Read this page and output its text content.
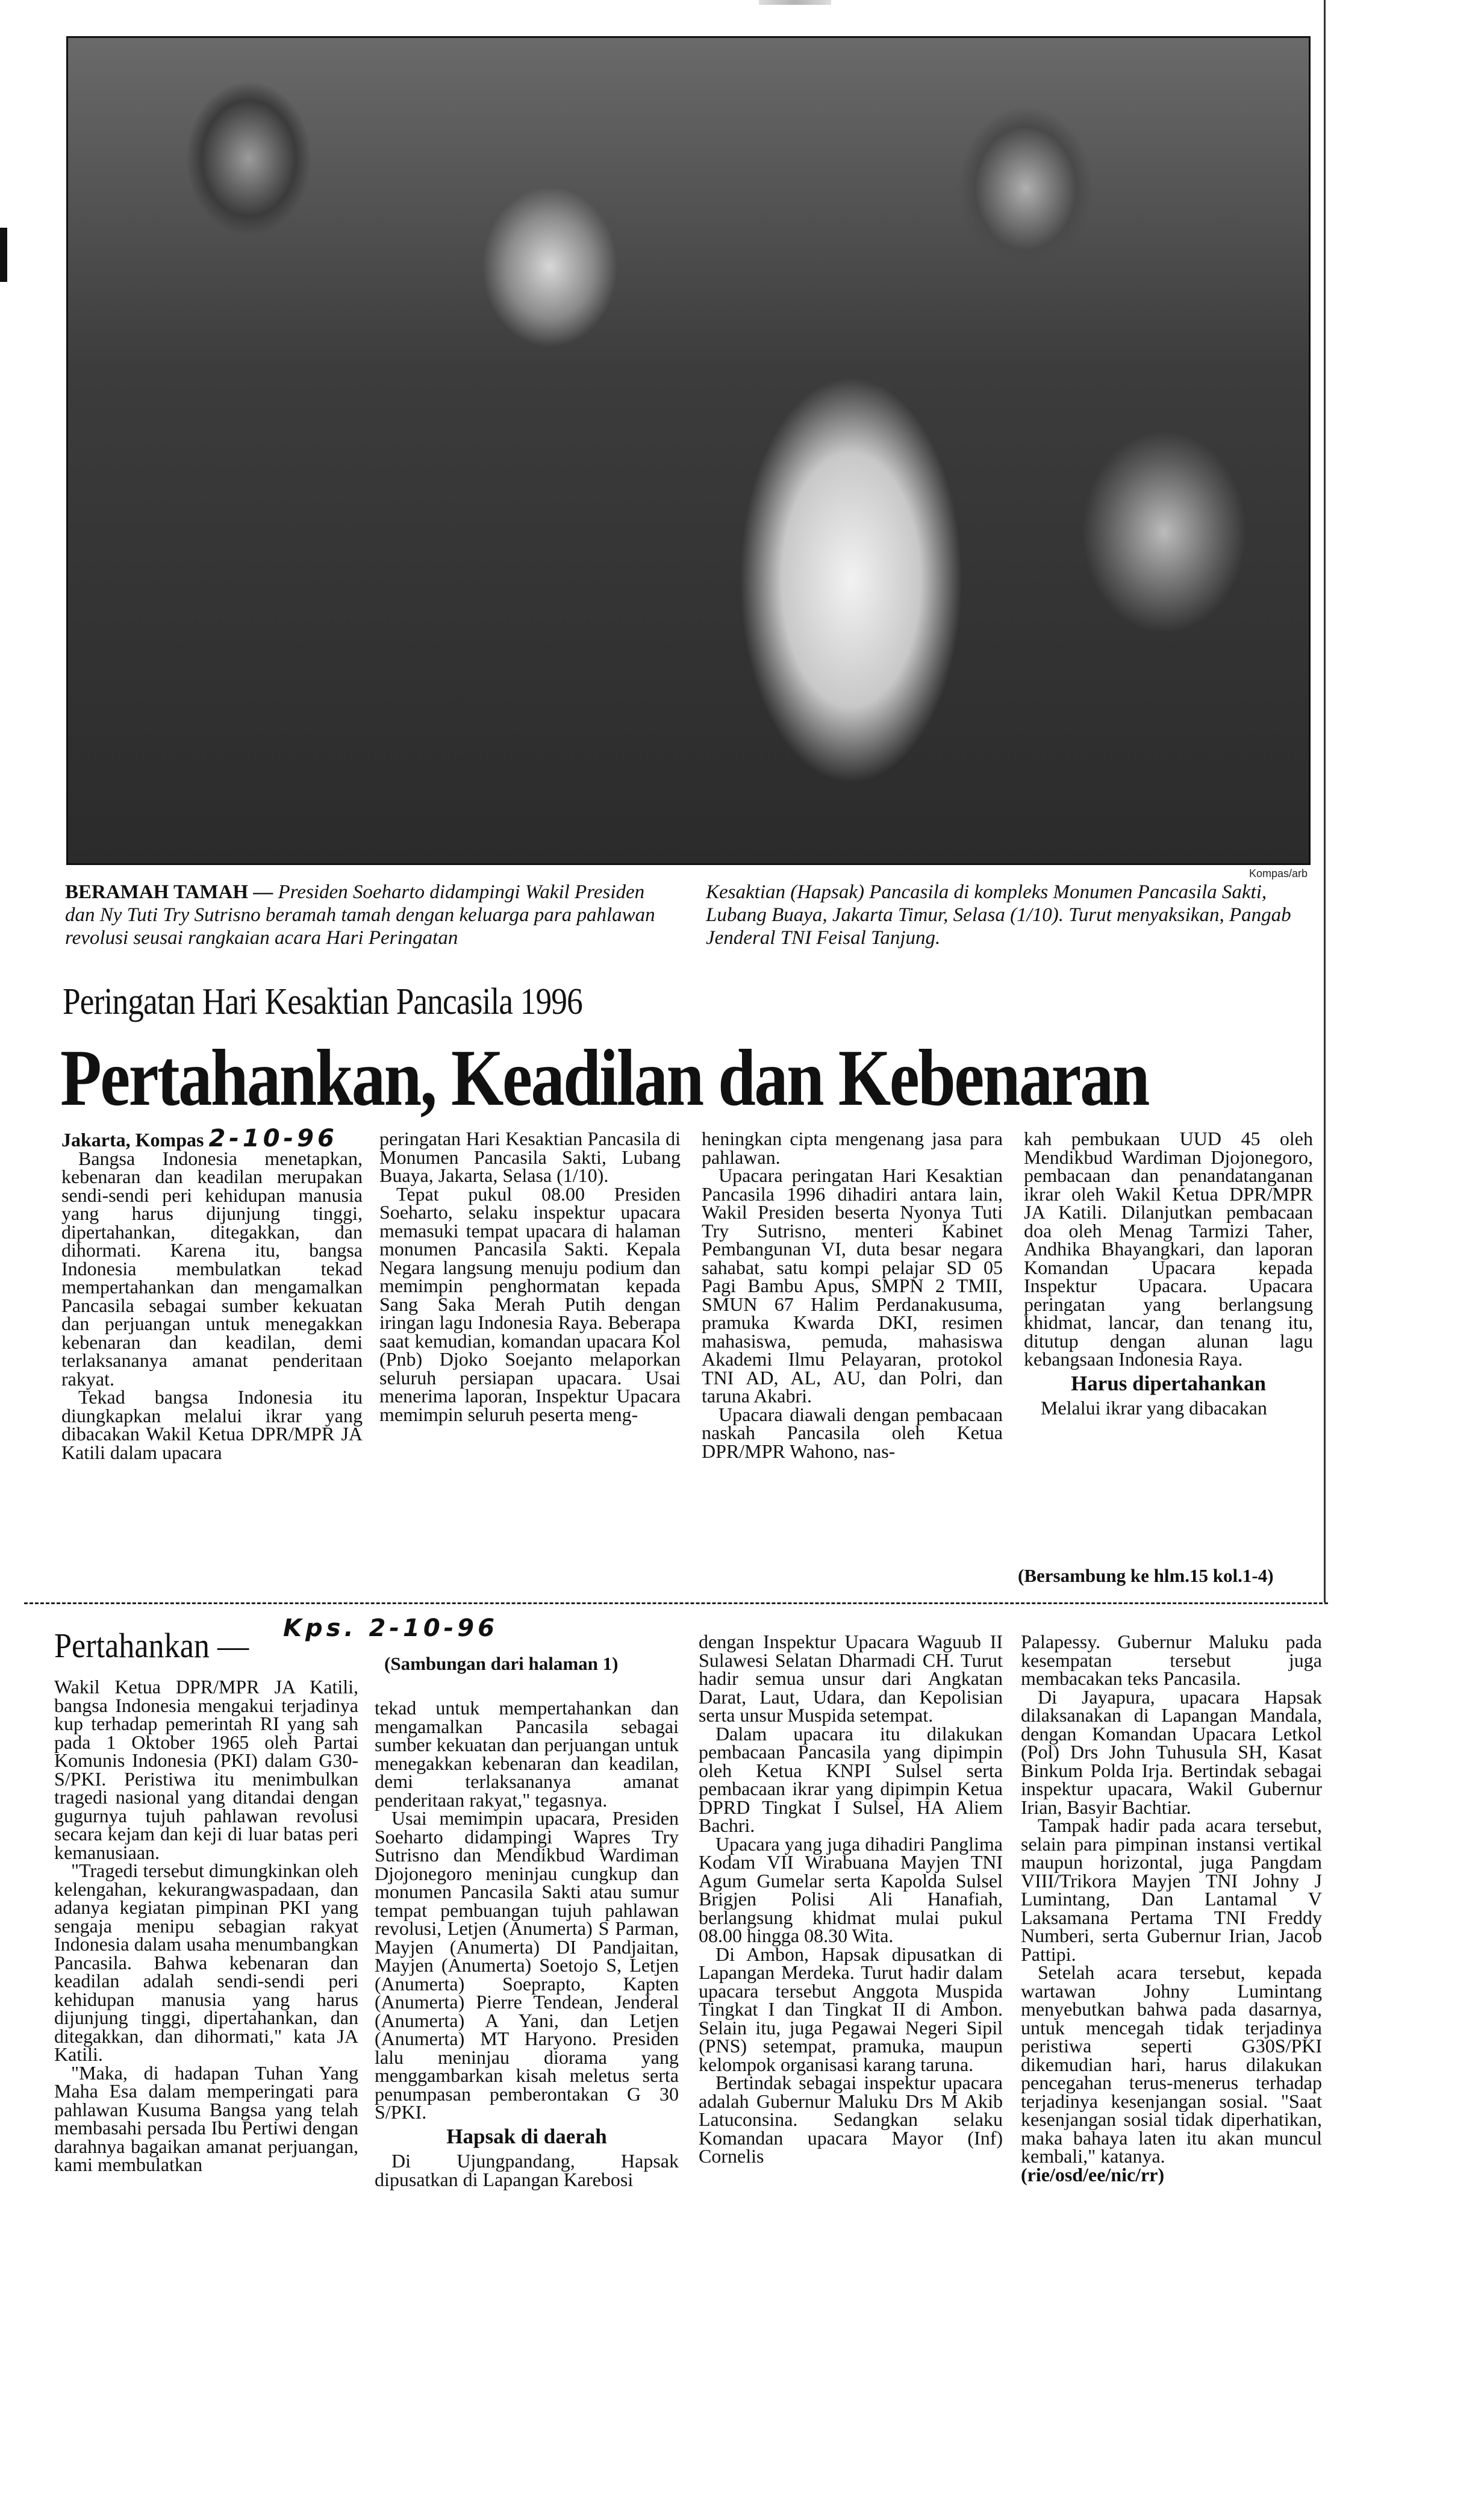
Kompas/arb
BERAMAH TAMAH — Presiden Soeharto didampingi Wakil Presiden dan Ny Tuti Try Sutrisno beramah tamah dengan keluarga para pahlawan revolusi seusai rangkaian acara Hari Peringatan
Kesaktian (Hapsak) Pancasila di kompleks Monumen Pancasila Sakti, Lubang Buaya, Jakarta Timur, Selasa (1/10). Turut menyaksikan, Pangab Jenderal TNI Feisal Tanjung.
Peringatan Hari Kesaktian Pancasila 1996
Pertahankan, Keadilan dan Kebenaran

Jakarta, Kompas 2-10-96

Bangsa Indonesia menetapkan, kebenaran dan keadilan merupakan sendi-sendi peri kehidupan manusia yang harus dijunjung tinggi, dipertahankan, ditegakkan, dan dihormati. Karena itu, bangsa Indonesia membulatkan tekad mempertahankan dan mengamalkan Pancasila sebagai sumber kekuatan dan perjuangan untuk menegakkan kebenaran dan keadilan, demi terlaksananya amanat penderitaan rakyat.

Tekad bangsa Indonesia itu diungkapkan melalui ikrar yang dibacakan Wakil Ketua DPR/MPR JA Katili dalam upacara

peringatan Hari Kesaktian Pancasila di Monumen Pancasila Sakti, Lubang Buaya, Jakarta, Selasa (1/10).

Tepat pukul 08.00 Presiden Soeharto, selaku inspektur upacara memasuki tempat upacara di halaman monumen Pancasila Sakti. Kepala Negara langsung menuju podium dan memimpin penghormatan kepada Sang Saka Merah Putih dengan iringan lagu Indonesia Raya. Beberapa saat kemudian, komandan upacara Kol (Pnb) Djoko Soejanto melaporkan seluruh persiapan upacara. Usai menerima laporan, Inspektur Upacara memimpin seluruh peserta meng-

heningkan cipta mengenang jasa para pahlawan.

Upacara peringatan Hari Kesaktian Pancasila 1996 dihadiri antara lain, Wakil Presiden beserta Nyonya Tuti Try Sutrisno, menteri Kabinet Pembangunan VI, duta besar negara sahabat, satu kompi pelajar SD 05 Pagi Bambu Apus, SMPN 2 TMII, SMUN 67 Halim Perdanakusuma, pramuka Kwarda DKI, resimen mahasiswa, pemuda, mahasiswa Akademi Ilmu Pelayaran, protokol TNI AD, AL, AU, dan Polri, dan taruna Akabri.

Upacara diawali dengan pembacaan naskah Pancasila oleh Ketua DPR/MPR Wahono, nas-

kah pembukaan UUD 45 oleh Mendikbud Wardiman Djojonegoro, pembacaan dan penandatanganan ikrar oleh Wakil Ketua DPR/MPR JA Katili. Dilanjutkan pembacaan doa oleh Menag Tarmizi Taher, Andhika Bhayangkari, dan laporan Komandan Upacara kepada Inspektur Upacara. Upacara peringatan yang berlangsung khidmat, lancar, dan tenang itu, ditutup dengan alunan lagu kebangsaan Indonesia Raya.

Harus dipertahankan

Melalui ikrar yang dibacakan

(Bersambung ke hlm.15 kol.1-4)
Pertahankan — Kps. 2-10-96
(Sambungan dari halaman 1)

Wakil Ketua DPR/MPR JA Katili, bangsa Indonesia mengakui terjadinya kup terhadap pemerintah RI yang sah pada 1 Oktober 1965 oleh Partai Komunis Indonesia (PKI) dalam G30-S/PKI. Peristiwa itu menimbulkan tragedi nasional yang ditandai dengan gugurnya tujuh pahlawan revolusi secara kejam dan keji di luar batas peri kemanusiaan.

"Tragedi tersebut dimungkinkan oleh kelengahan, kekurangwaspadaan, dan adanya kegiatan pimpinan PKI yang sengaja menipu sebagian rakyat Indonesia dalam usaha menumbangkan Pancasila. Bahwa kebenaran dan keadilan adalah sendi-sendi peri kehidupan manusia yang harus dijunjung tinggi, dipertahankan, dan ditegakkan, dan dihormati," kata JA Katili.

"Maka, di hadapan Tuhan Yang Maha Esa dalam memperingati para pahlawan Kusuma Bangsa yang telah membasahi persada Ibu Pertiwi dengan darahnya bagaikan amanat perjuangan, kami membulatkan

tekad untuk mempertahankan dan mengamalkan Pancasila sebagai sumber kekuatan dan perjuangan untuk menegakkan kebenaran dan keadilan, demi terlaksananya amanat penderitaan rakyat," tegasnya.

Usai memimpin upacara, Presiden Soeharto didampingi Wapres Try Sutrisno dan Mendikbud Wardiman Djojonegoro meninjau cungkup dan monumen Pancasila Sakti atau sumur tempat pembuangan tujuh pahlawan revolusi, Letjen (Anumerta) S Parman, Mayjen (Anumerta) DI Pandjaitan, Mayjen (Anumerta) Soetojo S, Letjen (Anumerta) Soeprapto, Kapten (Anumerta) Pierre Tendean, Jenderal (Anumerta) A Yani, dan Letjen (Anumerta) MT Haryono. Presiden lalu meninjau diorama yang menggambarkan kisah meletus serta penumpasan pemberontakan G 30 S/PKI.

Hapsak di daerah

Di Ujungpandang, Hapsak dipusatkan di Lapangan Karebosi

dengan Inspektur Upacara Waguub II Sulawesi Selatan Dharmadi CH. Turut hadir semua unsur dari Angkatan Darat, Laut, Udara, dan Kepolisian serta unsur Muspida setempat.

Dalam upacara itu dilakukan pembacaan Pancasila yang dipimpin oleh Ketua KNPI Sulsel serta pembacaan ikrar yang dipimpin Ketua DPRD Tingkat I Sulsel, HA Aliem Bachri.

Upacara yang juga dihadiri Panglima Kodam VII Wirabuana Mayjen TNI Agum Gumelar serta Kapolda Sulsel Brigjen Polisi Ali Hanafiah, berlangsung khidmat mulai pukul 08.00 hingga 08.30 Wita.

Di Ambon, Hapsak dipusatkan di Lapangan Merdeka. Turut hadir dalam upacara tersebut Anggota Muspida Tingkat I dan Tingkat II di Ambon. Selain itu, juga Pegawai Negeri Sipil (PNS) setempat, pramuka, maupun kelompok organisasi karang taruna.

Bertindak sebagai inspektur upacara adalah Gubernur Maluku Drs M Akib Latuconsina. Sedangkan selaku Komandan upacara Mayor (Inf) Cornelis

Palapessy. Gubernur Maluku pada kesempatan tersebut juga membacakan teks Pancasila.

Di Jayapura, upacara Hapsak dilaksanakan di Lapangan Mandala, dengan Komandan Upacara Letkol (Pol) Drs John Tuhusula SH, Kasat Binkum Polda Irja. Bertindak sebagai inspektur upacara, Wakil Gubernur Irian, Basyir Bachtiar.

Tampak hadir pada acara tersebut, selain para pimpinan instansi vertikal maupun horizontal, juga Pangdam VIII/Trikora Mayjen TNI Johny J Lumintang, Dan Lantamal V Laksamana Pertama TNI Freddy Numberi, serta Gubernur Irian, Jacob Pattipi.

Setelah acara tersebut, kepada wartawan Johny Lumintang menyebutkan bahwa pada dasarnya, untuk mencegah tidak terjadinya peristiwa seperti G30S/PKI dikemudian hari, harus dilakukan pencegahan terus-menerus terhadap terjadinya kesenjangan sosial. "Saat kesenjangan sosial tidak diperhatikan, maka bahaya laten itu akan muncul kembali," katanya.

(rie/osd/ee/nic/rr)
